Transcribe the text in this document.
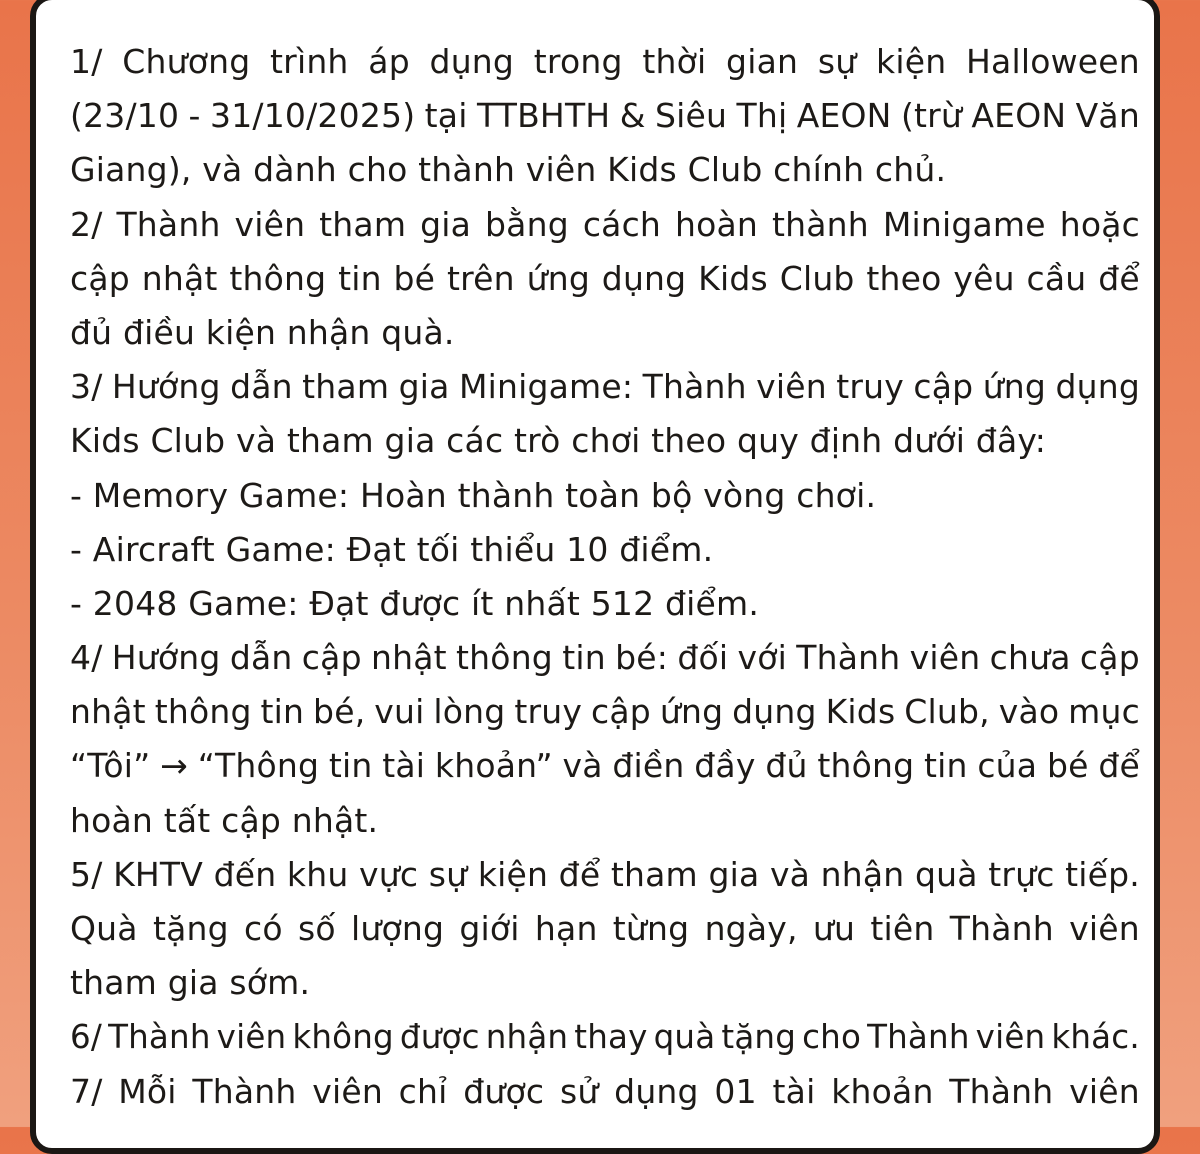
1/ Chương trình áp dụng trong thời gian sự kiện Halloween
(23/10 - 31/10/2025) tại TTBHTH & Siêu Thị AEON (trừ AEON Văn
Giang), và dành cho thành viên Kids Club chính chủ.
2/ Thành viên tham gia bằng cách hoàn thành Minigame hoặc
cập nhật thông tin bé trên ứng dụng Kids Club theo yêu cầu để
đủ điều kiện nhận quà.
3/ Hướng dẫn tham gia Minigame: Thành viên truy cập ứng dụng
Kids Club và tham gia các trò chơi theo quy định dưới đây:
- Memory Game: Hoàn thành toàn bộ vòng chơi.
- Aircraft Game: Đạt tối thiểu 10 điểm.
- 2048 Game: Đạt được ít nhất 512 điểm.
4/ Hướng dẫn cập nhật thông tin bé: đối với Thành viên chưa cập
nhật thông tin bé, vui lòng truy cập ứng dụng Kids Club, vào mục
“Tôi” → “Thông tin tài khoản” và điền đầy đủ thông tin của bé để
hoàn tất cập nhật.
5/ KHTV đến khu vực sự kiện để tham gia và nhận quà trực tiếp.
Quà tặng có số lượng giới hạn từng ngày, ưu tiên Thành viên
tham gia sớm.
6/ Thành viên không được nhận thay quà tặng cho Thành viên khác.
7/ Mỗi Thành viên chỉ được sử dụng 01 tài khoản Thành viên
